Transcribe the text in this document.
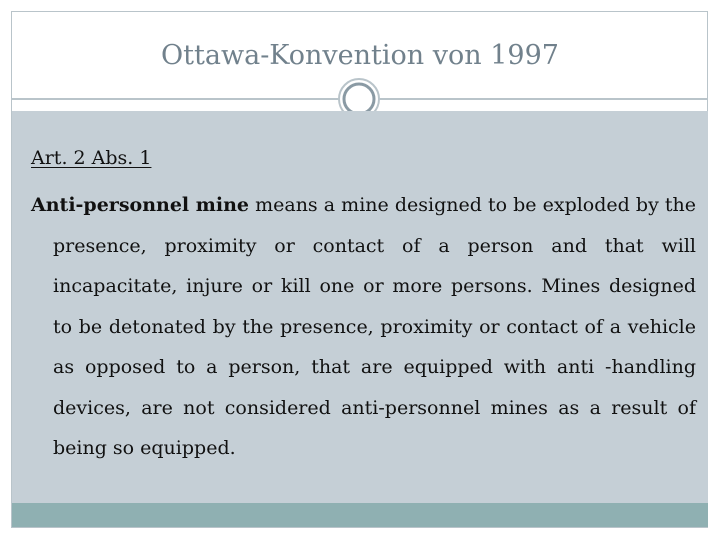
Ottawa-Konvention von 1997
Art. 2 Abs. 1

Anti-personnel mine means a mine designed to be exploded by the presence, proximity or contact of a person and that will incapacitate, injure or kill one or more persons. Mines designed to be detonated by the presence, proximity or contact of a vehicle as opposed to a person, that are equipped with anti -handling devices, are not considered anti-personnel mines as a result of being so equipped.
